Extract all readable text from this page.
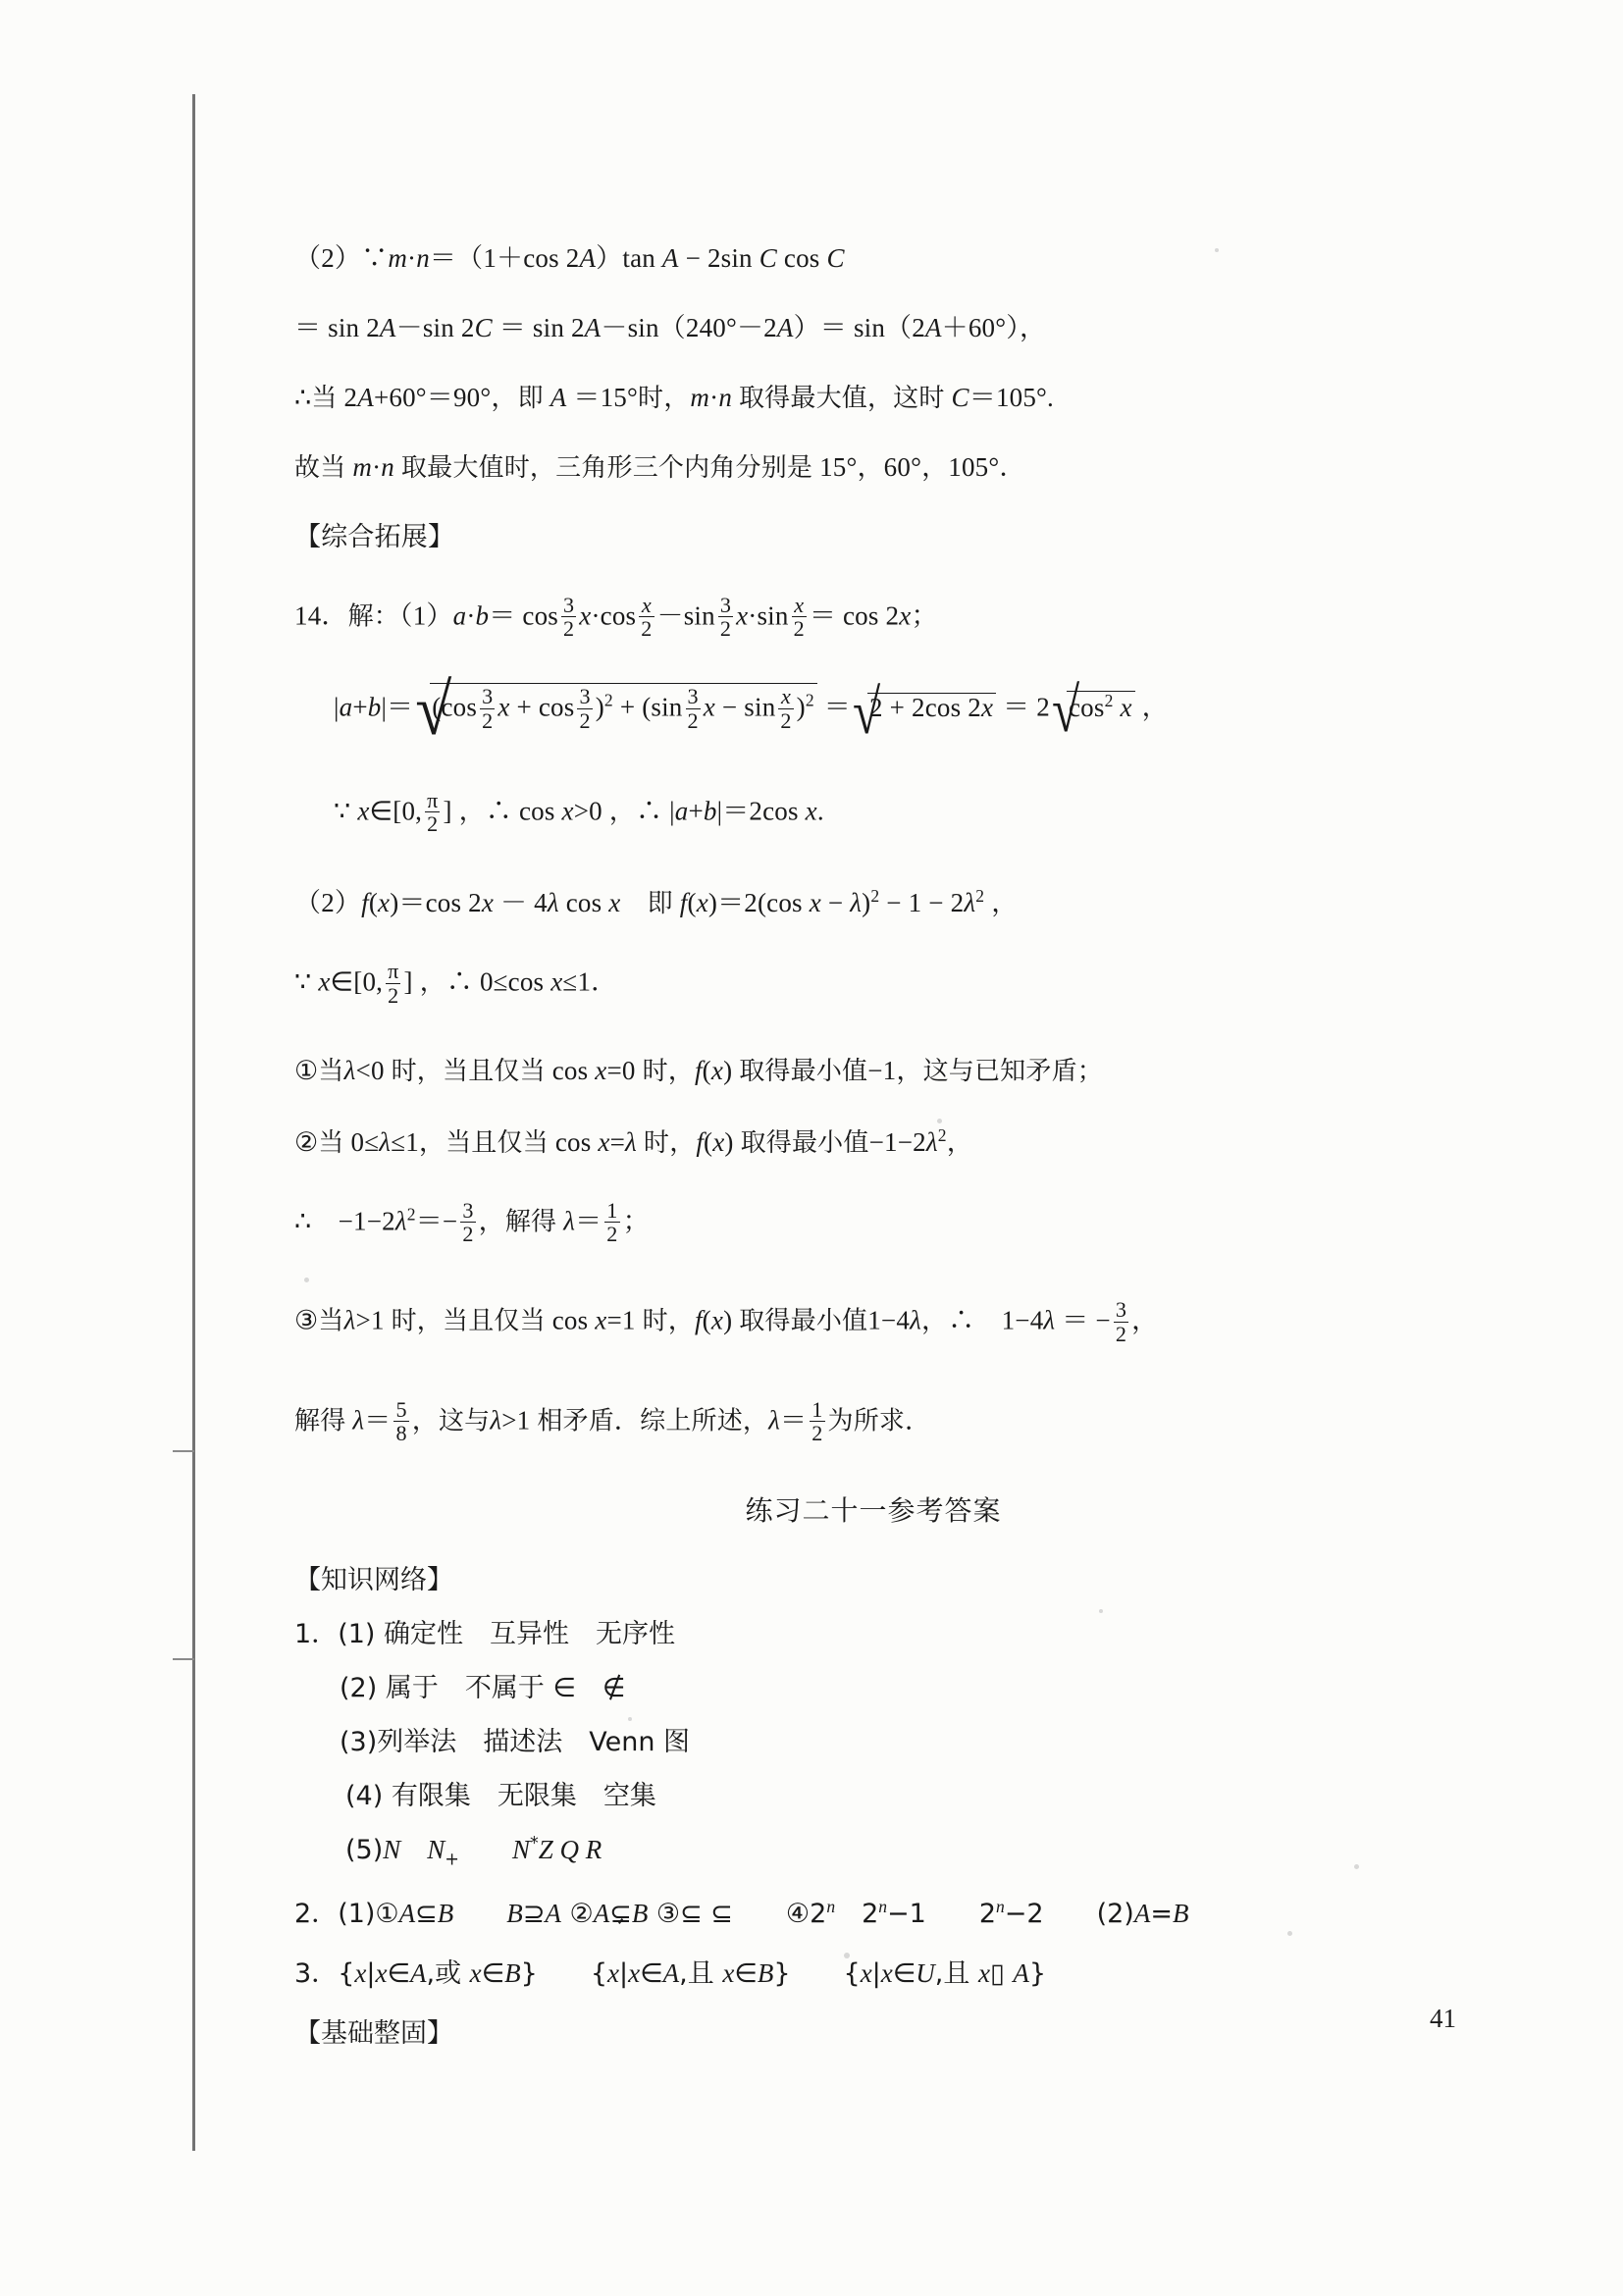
（2）∵m·n＝（1＋cos 2A）tan A − 2sin C cos C
＝ sin 2A－sin 2C ＝ sin 2A－sin（240°－2A）＝ sin（2A＋60°），
∴当 2A+60°＝90°，即 A ＝15°时，m·n 取得最大值，这时 C＝105°.
故当 m·n 取最大值时，三角形三个内角分别是 15°，60°，105°．
【综合拓展】
14．解：$(1)a\cdot b= \cos \frac{3}{2} x\cdot\cos \frac{x}{2} -\sin \frac{3}{2} x\cdot\sin \frac{x}{2} = \cos 2x$；
|a+b|＝ √ ($\cos \frac{3}{2}$ $x + \cos \frac{3}{2} )^2 + (\sin \frac{3}{2}$ $x - \sin \frac{x}{2} )^2$ ＝ √ 2 + 2cos 2x ＝ 2 √ $\cos^2 x$ ，
∵ x∈[0, $\frac{\pi}{2}$ ] ，∴ cos x>0 ，∴ |a+b|＝2cos x.
（2）f(x)＝cos 2x － 4λ cos x　 即 f(x)＝2(cos $x - \lambda)^2 - 1 - 2\lambda^2$ ，
∵ x∈[0, $\frac{\pi}{2}$ ] ，∴ 0≤cos x≤1．
①当λ<0 时，当且仅当 cos x=0 时，f(x) 取得最小值−1，这与已知矛盾；
②当 0≤λ≤1，当且仅当 cos x=λ 时，f(x) 取得最小值$-1-2\lambda^2$，
∴　$-1-2\lambda^2=- \frac{3}{2}$ ，解得 $\lambda= \frac{1}{2}$ ；
③当λ>1 时，当且仅当 cos x=1 时，f(x) 取得最小值1−4λ，∴　1−4λ ＝ − $\frac{3}{2}$ ，
解得 $\lambda= \frac{5}{8}$ ，这与λ>1 相矛盾．综上所述，$\lambda= \frac{1}{2}$ 为所求．
练习二十一参考答案
【知识网络】
1．(1) 确定性　互异性　无序性
(2) 属于　不属于 ∈　∉
(3)列举法　描述法　Venn 图
(4) 有限集　无限集　空集
(5)N　 $N_+$　　 N*Z Q R
2．(1)①A⊆B　　 B⊇A ②A⊊B ③⊆ ⊆　　④2$^n$　$2^n-1$　　$2^n-2$　　(2)A=B
3．{x|x∈A,或 x∈B}　　{x|x∈A,且 x∈B}　　{x|x∈U,且 x▯ A}
【基础整固】	41
